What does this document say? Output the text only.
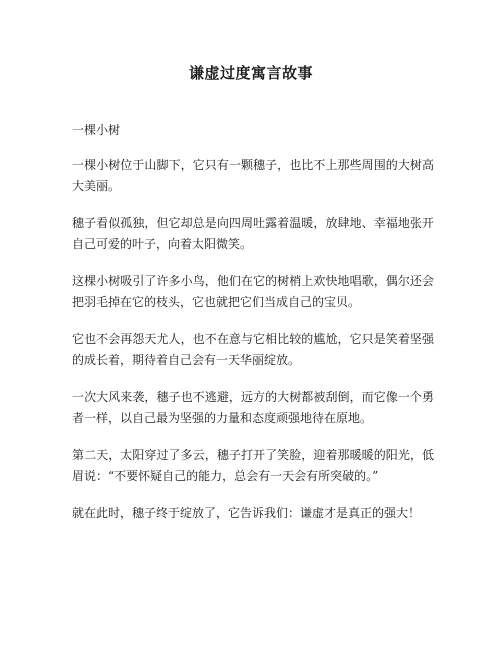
谦虚过度寓言故事

一棵小树

一棵小树位于山脚下，它只有一颗穗子，也比不上那些周围的大树高大美丽。

穗子看似孤独，但它却总是向四周吐露着温暖，放肆地、幸福地张开自己可爱的叶子，向着太阳微笑。

这棵小树吸引了许多小鸟，他们在它的树梢上欢快地唱歌，偶尔还会把羽毛掉在它的枝头，它也就把它们当成自己的宝贝。

它也不会再怨天尤人，也不在意与它相比较的尴尬，它只是笑着坚强的成长着，期待着自己会有一天华丽绽放。

一次大风来袭，穗子也不逃避，远方的大树都被刮倒，而它像一个勇者一样，以自己最为坚强的力量和态度顽强地待在原地。

第二天，太阳穿过了多云，穗子打开了笑脸，迎着那暖暖的阳光，低眉说：“不要怀疑自己的能力，总会有一天会有所突破的。”

就在此时，穗子终于绽放了，它告诉我们：谦虚才是真正的强大！
